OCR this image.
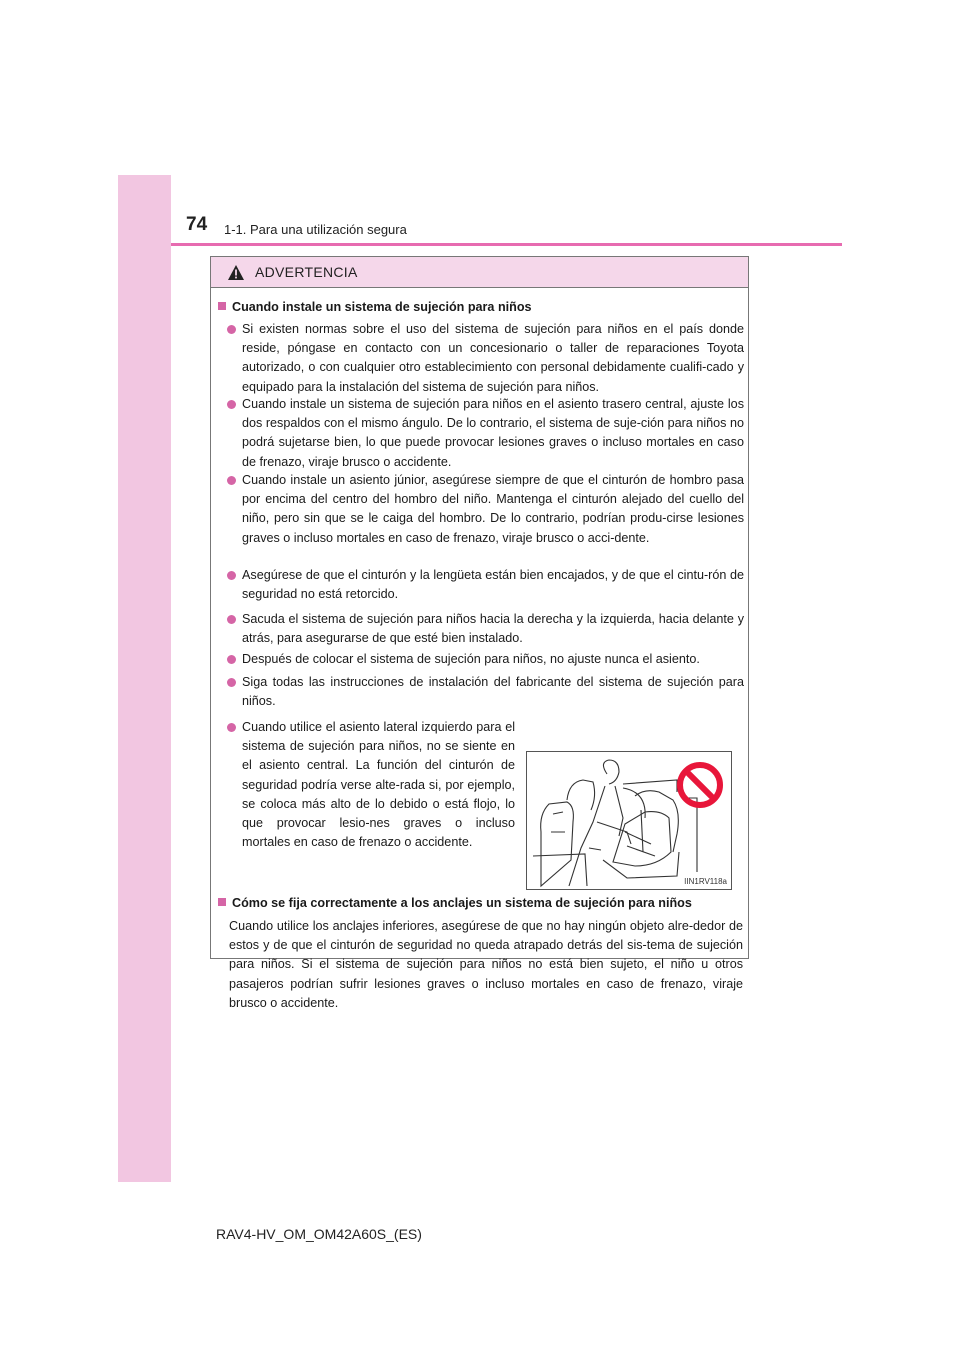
74 1-1. Para una utilización segura
ADVERTENCIA
Cuando instale un sistema de sujeción para niños
Si existen normas sobre el uso del sistema de sujeción para niños en el país donde reside, póngase en contacto con un concesionario o taller de reparaciones Toyota autorizado, o con cualquier otro establecimiento con personal debidamente cualifi-cado y equipado para la instalación del sistema de sujeción para niños.
Cuando instale un sistema de sujeción para niños en el asiento trasero central, ajuste los dos respaldos con el mismo ángulo. De lo contrario, el sistema de suje-ción para niños no podrá sujetarse bien, lo que puede provocar lesiones graves o incluso mortales en caso de frenazo, viraje brusco o accidente.
Cuando instale un asiento júnior, asegúrese siempre de que el cinturón de hombro pasa por encima del centro del hombro del niño. Mantenga el cinturón alejado del cuello del niño, pero sin que se le caiga del hombro. De lo contrario, podrían produ-cirse lesiones graves o incluso mortales en caso de frenazo, viraje brusco o acci-dente.
Asegúrese de que el cinturón y la lengüeta están bien encajados, y de que el cintu-rón de seguridad no está retorcido.
Sacuda el sistema de sujeción para niños hacia la derecha y la izquierda, hacia delante y atrás, para asegurarse de que esté bien instalado.
Después de colocar el sistema de sujeción para niños, no ajuste nunca el asiento.
Siga todas las instrucciones de instalación del fabricante del sistema de sujeción para niños.
Cuando utilice el asiento lateral izquierdo para el sistema de sujeción para niños, no se siente en el asiento central. La función del cinturón de seguridad podría verse alte-rada si, por ejemplo, se coloca más alto de lo debido o está flojo, lo que provocar lesio-nes graves o incluso mortales en caso de frenazo o accidente.
IIN1RV118a
Cómo se fija correctamente a los anclajes un sistema de sujeción para niños
Cuando utilice los anclajes inferiores, asegúrese de que no hay ningún objeto alre-dedor de estos y de que el cinturón de seguridad no queda atrapado detrás del sis-tema de sujeción para niños. Si el sistema de sujeción para niños no está bien sujeto, el niño u otros pasajeros podrían sufrir lesiones graves o incluso mortales en caso de frenazo, viraje brusco o accidente.
RAV4-HV_OM_OM42A60S_(ES)
